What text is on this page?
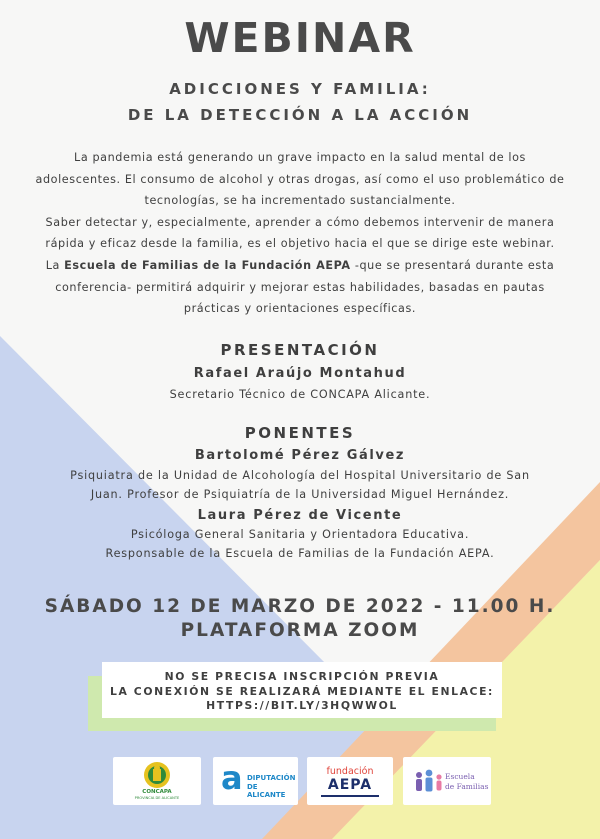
WEBINAR
ADICCIONES Y FAMILIA:
DE LA DETECCIÓN A LA ACCIÓN
La pandemia está generando un grave impacto en la salud mental de los
adolescentes. El consumo de alcohol y otras drogas, así como el uso problemático de
tecnologías, se ha incrementado sustancialmente.
Saber detectar y, especialmente, aprender a cómo debemos intervenir de manera
rápida y eficaz desde la familia, es el objetivo hacia el que se dirige este webinar.
La Escuela de Familias de la Fundación AEPA -que se presentará durante esta
conferencia- permitirá adquirir y mejorar estas habilidades, basadas en pautas
prácticas y orientaciones específicas.
PRESENTACIÓN
Rafael Araújo Montahud
Secretario Técnico de CONCAPA Alicante.
PONENTES
Bartolomé Pérez Gálvez
Psiquiatra de la Unidad de Alcohología del Hospital Universitario de San
Juan. Profesor de Psiquiatría de la Universidad Miguel Hernández.
Laura Pérez de Vicente
Psicóloga General Sanitaria y Orientadora Educativa.
Responsable de la Escuela de Familias de la Fundación AEPA.
SÁBADO 12 DE MARZO DE 2022 - 11.00 H.
PLATAFORMA ZOOM
NO SE PRECISA INSCRIPCIÓN PREVIA
LA CONEXIÓN SE REALIZARÁ MEDIANTE EL ENLACE:
HTTPS://BIT.LY/3HQWWOL
CONCAPA
PROVINCIA DE ALICANTE
a DIPUTACIÓN
DE ALICANTE
fundación
AEPA
Escuela
de Familias
